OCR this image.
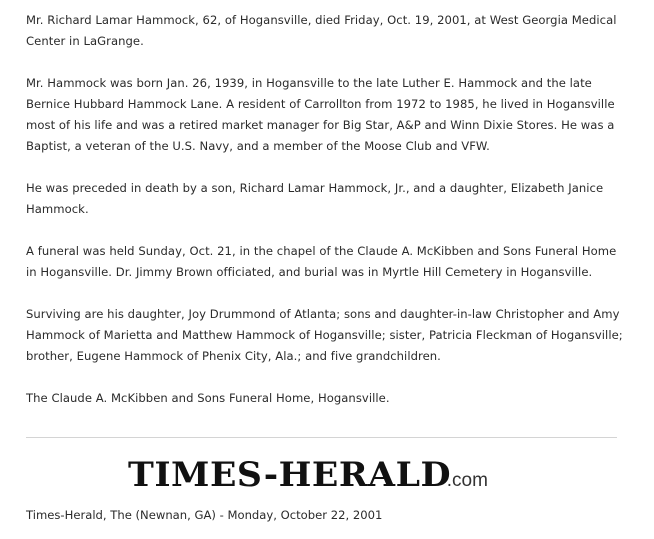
Mr. Richard Lamar Hammock, 62, of Hogansville, died Friday, Oct. 19, 2001, at West Georgia Medical Center in LaGrange.

Mr. Hammock was born Jan. 26, 1939, in Hogansville to the late Luther E. Hammock and the late Bernice Hubbard Hammock Lane. A resident of Carrollton from 1972 to 1985, he lived in Hogansville most of his life and was a retired market manager for Big Star, A&P and Winn Dixie Stores. He was a Baptist, a veteran of the U.S. Navy, and a member of the Moose Club and VFW.

He was preceded in death by a son, Richard Lamar Hammock, Jr., and a daughter, Elizabeth Janice Hammock.

A funeral was held Sunday, Oct. 21, in the chapel of the Claude A. McKibben and Sons Funeral Home in Hogansville. Dr. Jimmy Brown officiated, and burial was in Myrtle Hill Cemetery in Hogansville.

Surviving are his daughter, Joy Drummond of Atlanta; sons and daughter-in-law Christopher and Amy Hammock of Marietta and Matthew Hammock of Hogansville; sister, Patricia Fleckman of Hogansville; brother, Eugene Hammock of Phenix City, Ala.; and five grandchildren.

The Claude A. McKibben and Sons Funeral Home, Hogansville.

TIMES-HERALD
.com
Times-Herald, The (Newnan, GA) - Monday, October 22, 2001
